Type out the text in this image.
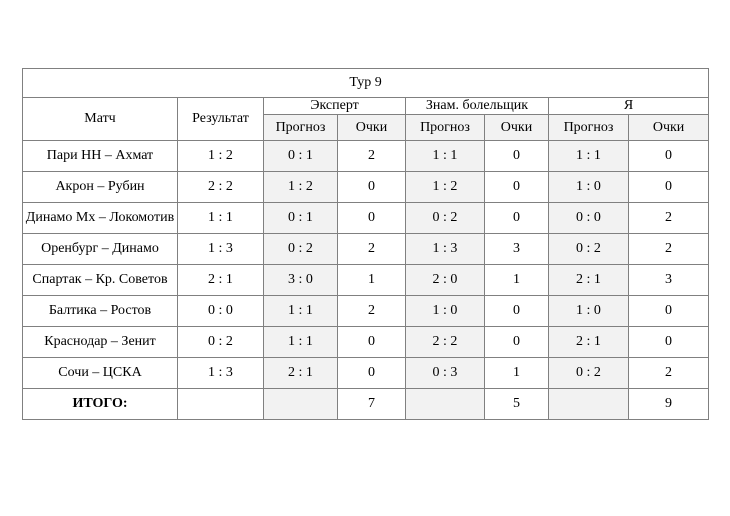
Тур 9							
Матч	Результат	Эксперт		Знам. болельщик		Я	
		Прогноз	Очки	Прогноз	Очки	Прогноз	Очки
Пари НН – Ахмат	1 : 2	0 : 1	2	1 : 1	0	1 : 1	0
Акрон – Рубин	2 : 2	1 : 2	0	1 : 2	0	1 : 0	0
Динамо Мх – Локомотив	1 : 1	0 : 1	0	0 : 2	0	0 : 0	2
Оренбург – Динамо	1 : 3	0 : 2	2	1 : 3	3	0 : 2	2
Спартак – Кр. Советов	2 : 1	3 : 0	1	2 : 0	1	2 : 1	3
Балтика – Ростов	0 : 0	1 : 1	2	1 : 0	0	1 : 0	0
Краснодар – Зенит	0 : 2	1 : 1	0	2 : 2	0	2 : 1	0
Сочи – ЦСКА	1 : 3	2 : 1	0	0 : 3	1	0 : 2	2
ИТОГО:			7		5		9
